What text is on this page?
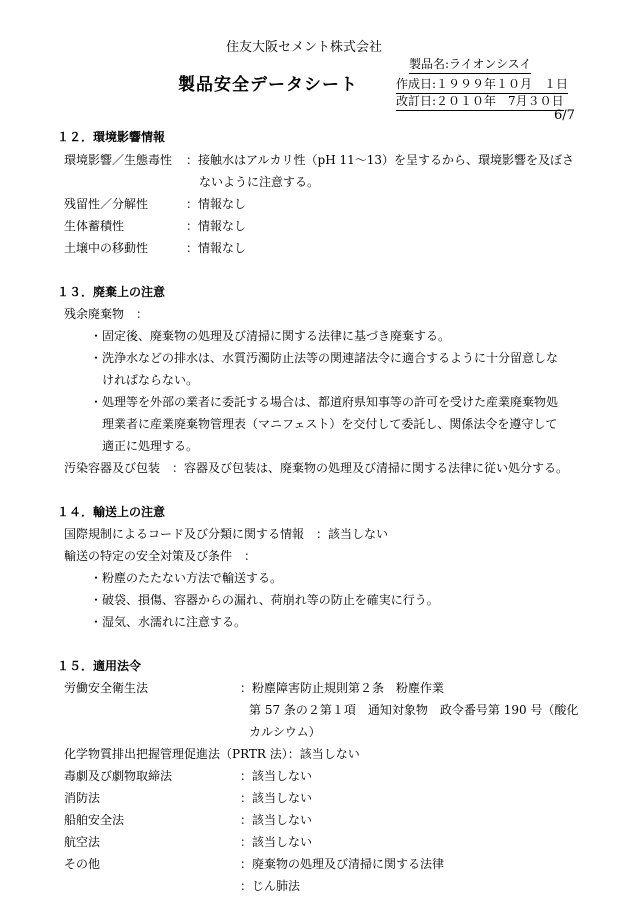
住友大阪セメント株式会社
製品名:ライオンシスイ
製品安全データシート	作成日:１９９９年１０月　１日
改訂日:２０１０年　7月３０日
6/7
１２．環境影響情報
環境影響／生態毒性 ：接触水はアルカリ性（pH 11～13）を呈するから、環境影響を及ぼさ
ないように注意する。
残留性／分解性	：情報なし
生体蓄積性	：情報なし
土壌中の移動性	：情報なし
１３．廃棄上の注意
残余廃棄物　：
・固定後、廃棄物の処理及び清掃に関する法律に基づき廃棄する。
・洗浄水などの排水は、水質汚濁防止法等の関連諸法令に適合するように十分留意しな
ければならない。
・処理等を外部の業者に委託する場合は、都道府県知事等の許可を受けた産業廃棄物処
理業者に産業廃棄物管理表（マニフェスト）を交付して委託し、関係法令を遵守して
適正に処理する。
汚染容器及び包装　：容器及び包装は、廃棄物の処理及び清掃に関する法律に従い処分する。
１４．輸送上の注意
国際規制によるコード及び分類に関する情報　：該当しない
輸送の特定の安全対策及び条件　：
・粉塵のたたない方法で輸送する。
・破袋、損傷、容器からの漏れ、荷崩れ等の防止を確実に行う。
・湿気、水濡れに注意する。
１５．適用法令
労働安全衛生法	：粉塵障害防止規則第２条　粉塵作業
第 57 条の２第１項　通知対象物　政令番号第 190 号（酸化
カルシウム）
化学物質排出把握管理促進法（PRTR 法）：該当しない
毒劇及び劇物取締法	：該当しない
消防法	：該当しない
船舶安全法	：該当しない
航空法	：該当しない
その他	：廃棄物の処理及び清掃に関する法律
：じん肺法
